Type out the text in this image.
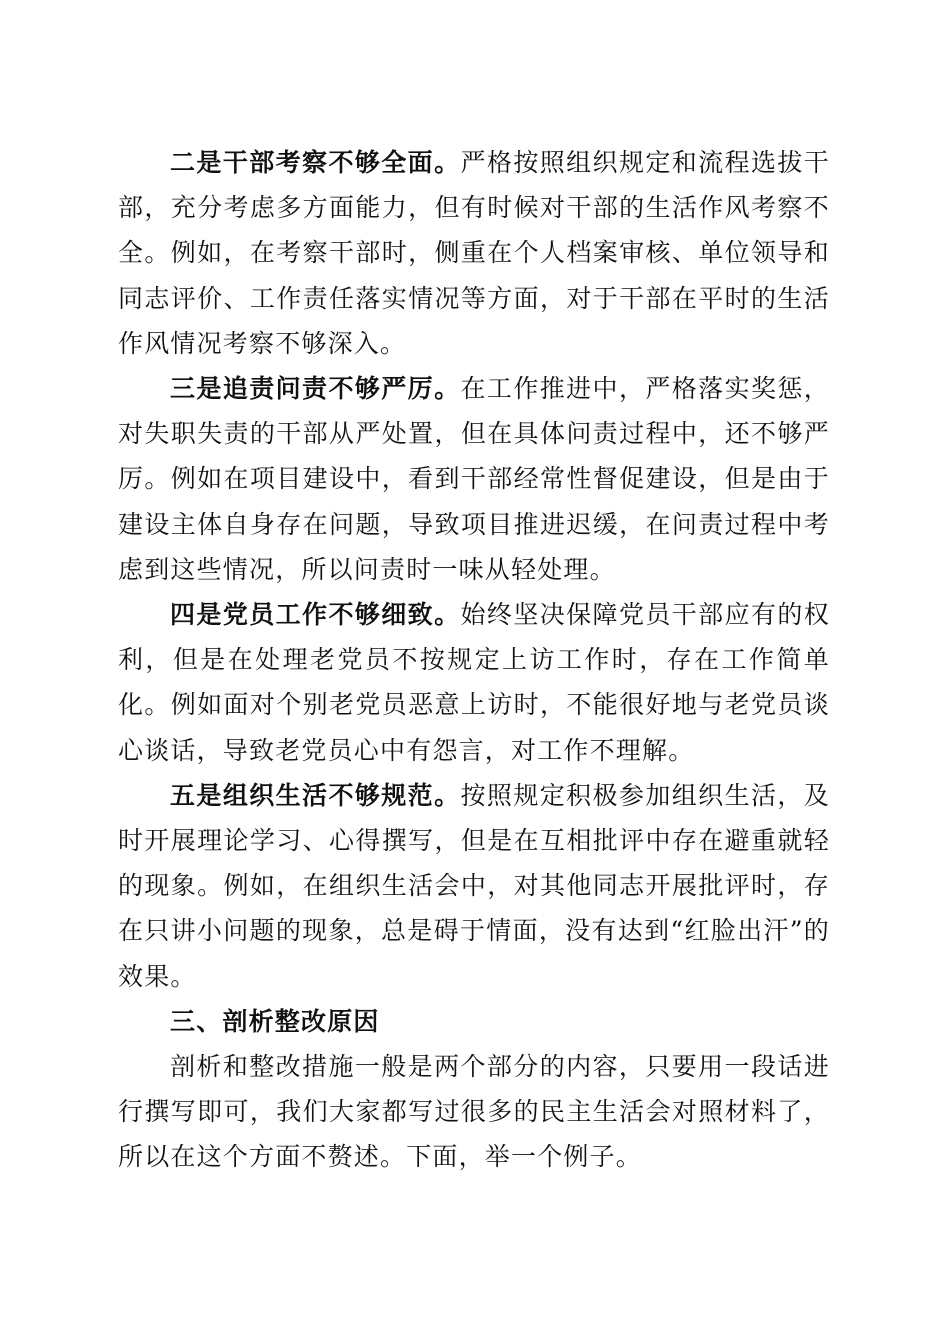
二是干部考察不够全面。严格按照组织规定和流程选拔干部，充分考虑多方面能力，但有时候对干部的生活作风考察不全。例如，在考察干部时，侧重在个人档案审核、单位领导和同志评价、工作责任落实情况等方面，对于干部在平时的生活作风情况考察不够深入。

三是追责问责不够严厉。在工作推进中，严格落实奖惩，对失职失责的干部从严处置，但在具体问责过程中，还不够严厉。例如在项目建设中，看到干部经常性督促建设，但是由于建设主体自身存在问题，导致项目推进迟缓，在问责过程中考虑到这些情况，所以问责时一味从轻处理。

四是党员工作不够细致。始终坚决保障党员干部应有的权利，但是在处理老党员不按规定上访工作时，存在工作简单化。例如面对个别老党员恶意上访时，不能很好地与老党员谈心谈话，导致老党员心中有怨言，对工作不理解。

五是组织生活不够规范。按照规定积极参加组织生活，及时开展理论学习、心得撰写，但是在互相批评中存在避重就轻的现象。例如，在组织生活会中，对其他同志开展批评时，存在只讲小问题的现象，总是碍于情面，没有达到“红脸出汗”的效果。

三、剖析整改原因

剖析和整改措施一般是两个部分的内容，只要用一段话进行撰写即可，我们大家都写过很多的民主生活会对照材料了，所以在这个方面不赘述。下面，举一个例子。
